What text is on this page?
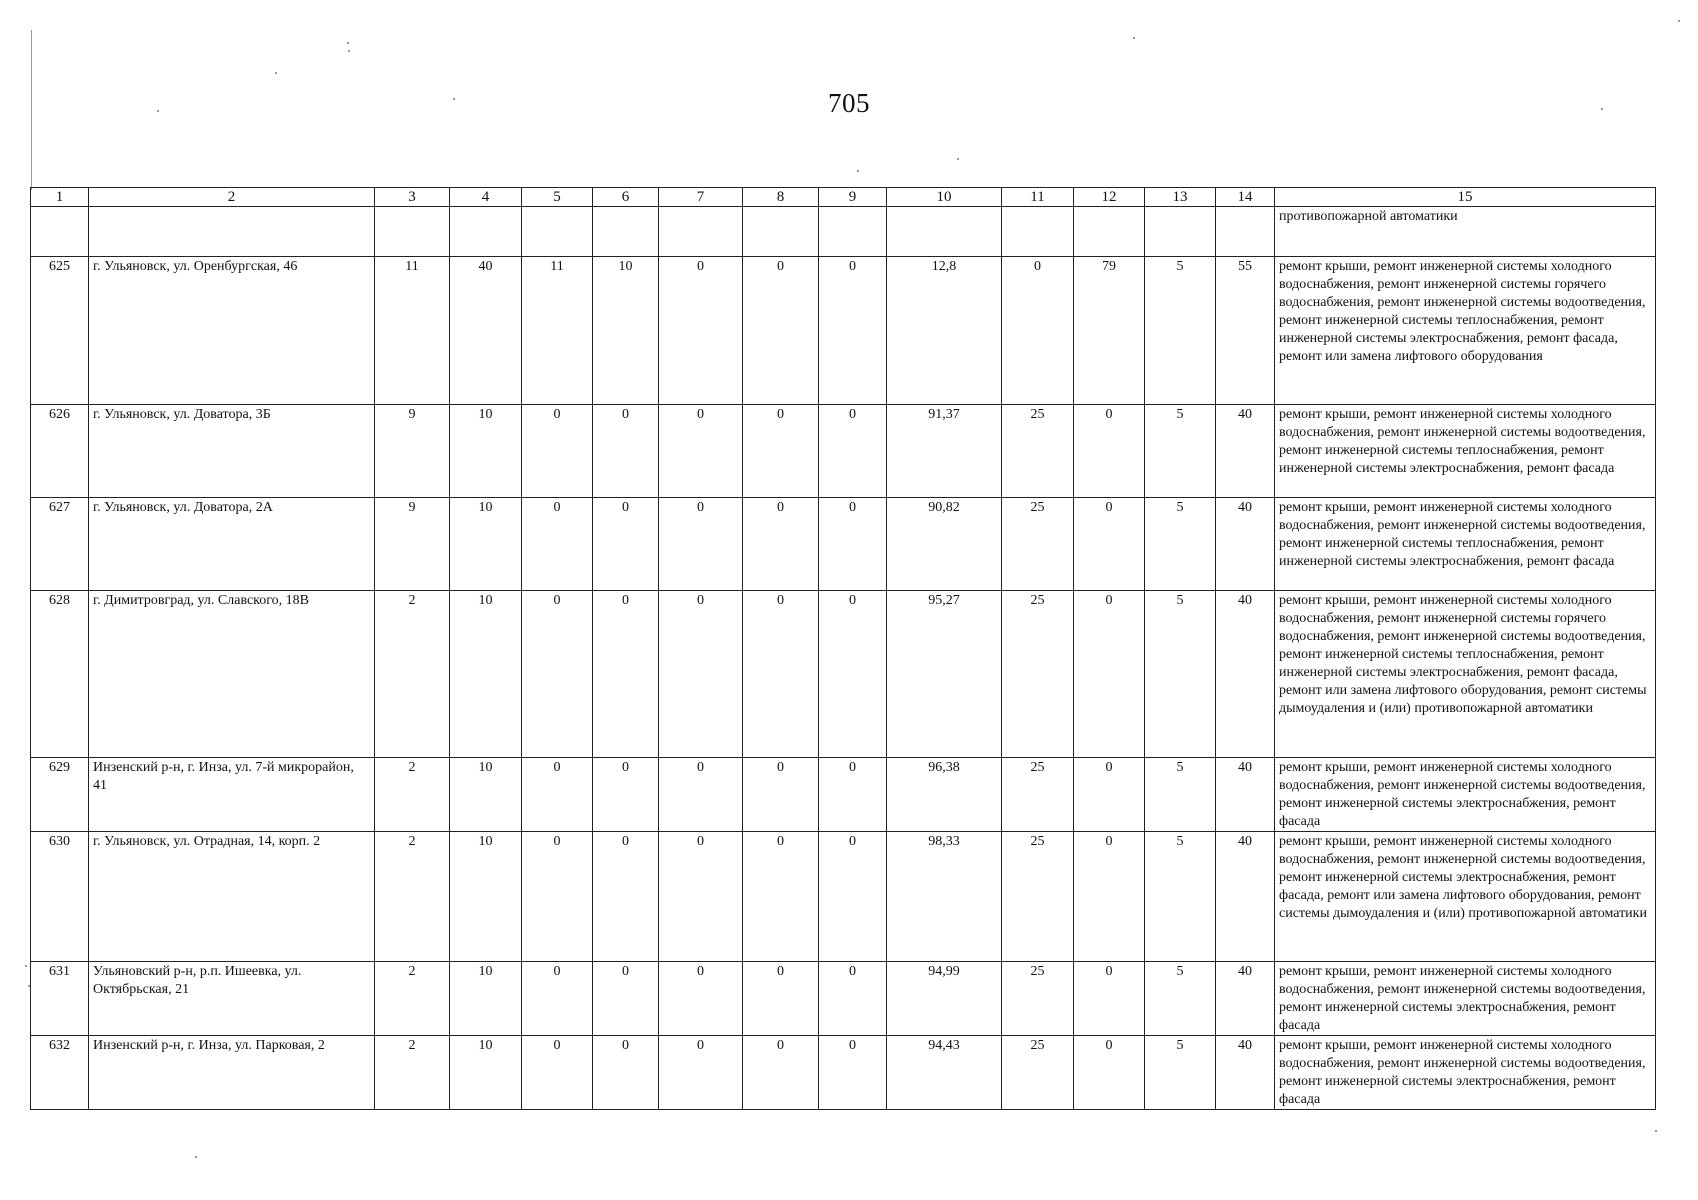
705
1	2	3	4	5	6	7	8	9	10	11	12	13	14	15
														противопожарной автоматики
625	г. Ульяновск, ул. Оренбургская, 46	11	40	11	10	0	0	0	12,8	0	79	5	55	ремонт крыши, ремонт инженерной системы холодного водоснабжения, ремонт инженерной системы горячего водоснабжения, ремонт инженерной системы водоотведения, ремонт инженерной системы теплоснабжения, ремонт инженерной системы электроснабжения, ремонт фасада, ремонт или замена лифтового оборудования
626	г. Ульяновск, ул. Доватора, 3Б	9	10	0	0	0	0	0	91,37	25	0	5	40	ремонт крыши, ремонт инженерной системы холодного водоснабжения, ремонт инженерной системы водоотведения, ремонт инженерной системы теплоснабжения, ремонт инженерной системы электроснабжения, ремонт фасада
627	г. Ульяновск, ул. Доватора, 2А	9	10	0	0	0	0	0	90,82	25	0	5	40	ремонт крыши, ремонт инженерной системы холодного водоснабжения, ремонт инженерной системы водоотведения, ремонт инженерной системы теплоснабжения, ремонт инженерной системы электроснабжения, ремонт фасада
628	г. Димитровград, ул. Славского, 18В	2	10	0	0	0	0	0	95,27	25	0	5	40	ремонт крыши, ремонт инженерной системы холодного водоснабжения, ремонт инженерной системы горячего водоснабжения, ремонт инженерной системы водоотведения, ремонт инженерной системы теплоснабжения, ремонт инженерной системы электроснабжения, ремонт фасада, ремонт или замена лифтового оборудования, ремонт системы дымоудаления и (или) противопожарной автоматики
629	Инзенский р-н, г. Инза, ул. 7-й микрорайон, 41	2	10	0	0	0	0	0	96,38	25	0	5	40	ремонт крыши, ремонт инженерной системы холодного водоснабжения, ремонт инженерной системы водоотведения, ремонт инженерной системы электроснабжения, ремонт фасада
630	г. Ульяновск, ул. Отрадная, 14, корп. 2	2	10	0	0	0	0	0	98,33	25	0	5	40	ремонт крыши, ремонт инженерной системы холодного водоснабжения, ремонт инженерной системы водоотведения, ремонт инженерной системы электроснабжения, ремонт фасада, ремонт или замена лифтового оборудования, ремонт системы дымоудаления и (или) противопожарной автоматики
631	Ульяновский р-н, р.п. Ишеевка, ул. Октябрьская, 21	2	10	0	0	0	0	0	94,99	25	0	5	40	ремонт крыши, ремонт инженерной системы холодного водоснабжения, ремонт инженерной системы водоотведения, ремонт инженерной системы электроснабжения, ремонт фасада
632	Инзенский р-н, г. Инза, ул. Парковая, 2	2	10	0	0	0	0	0	94,43	25	0	5	40	ремонт крыши, ремонт инженерной системы холодного водоснабжения, ремонт инженерной системы водоотведения, ремонт инженерной системы электроснабжения, ремонт фасада
